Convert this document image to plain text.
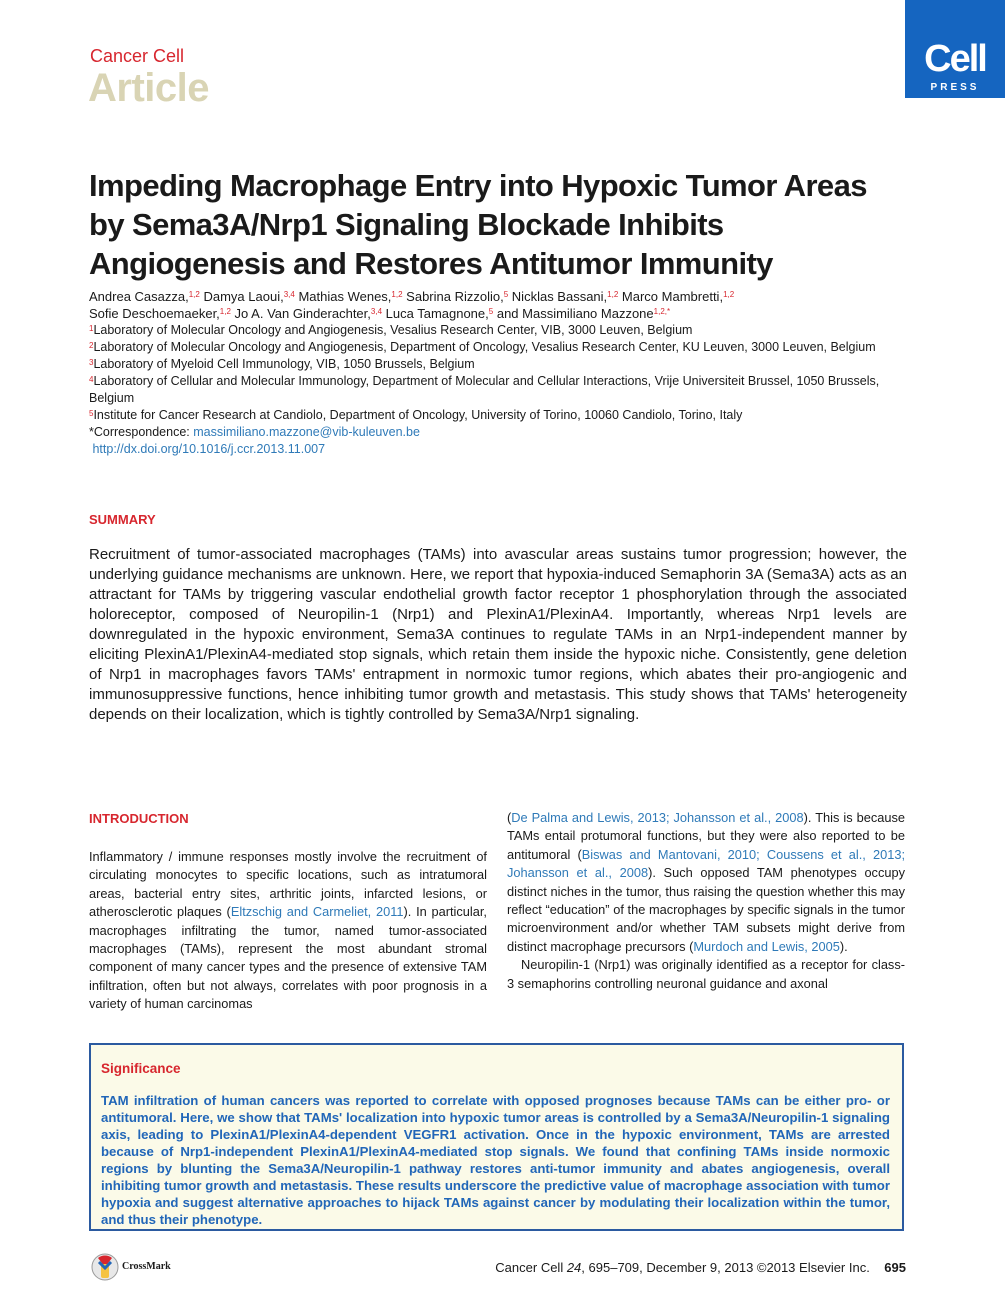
Cancer Cell
Article
Cell
PRESS
Impeding Macrophage Entry into Hypoxic Tumor Areas
by Sema3A/Nrp1 Signaling Blockade Inhibits
Angiogenesis and Restores Antitumor Immunity
Andrea Casazza,$^{1,2}$ Damya Laoui,$^{3,4}$ Mathias Wenes,$^{1,2}$ Sabrina Rizzolio,$^5$ Nicklas Bassani,$^{1,2}$ Marco Mambretti,$^{1,2}$
Sofie Deschoemaeker,$^{1,2}$ Jo A. Van Ginderachter,$^{3,4}$ Luca Tamagnone,$^5$ and Massimiliano Mazzone$^{1,2,*}$
$^1$Laboratory of Molecular Oncology and Angiogenesis, Vesalius Research Center, VIB, 3000 Leuven, Belgium
$^2$Laboratory of Molecular Oncology and Angiogenesis, Department of Oncology, Vesalius Research Center, KU Leuven, 3000 Leuven, Belgium
$^3$Laboratory of Myeloid Cell Immunology, VIB, 1050 Brussels, Belgium
$^4$Laboratory of Cellular and Molecular Immunology, Department of Molecular and Cellular Interactions, Vrije Universiteit Brussel, 1050 Brussels, Belgium
$^5$Institute for Cancer Research at Candiolo, Department of Oncology, University of Torino, 10060 Candiolo, Torino, Italy
*Correspondence: massimiliano.mazzone@vib-kuleuven.be
http://dx.doi.org/10.1016/j.ccr.2013.11.007
SUMMARY
Recruitment of tumor-associated macrophages (TAMs) into avascular areas sustains tumor progression; however, the underlying guidance mechanisms are unknown. Here, we report that hypoxia-induced Semaphorin 3A (Sema3A) acts as an attractant for TAMs by triggering vascular endothelial growth factor receptor 1 phosphorylation through the associated holoreceptor, composed of Neuropilin-1 (Nrp1) and PlexinA1/PlexinA4. Importantly, whereas Nrp1 levels are downregulated in the hypoxic environment, Sema3A continues to regulate TAMs in an Nrp1-independent manner by eliciting PlexinA1/PlexinA4-mediated stop signals, which retain them inside the hypoxic niche. Consistently, gene deletion of Nrp1 in macrophages favors TAMs' entrapment in normoxic tumor regions, which abates their pro-angiogenic and immunosuppressive functions, hence inhibiting tumor growth and metastasis. This study shows that TAMs' heterogeneity depends on their localization, which is tightly controlled by Sema3A/Nrp1 signaling.
INTRODUCTION

Inflammatory / immune responses mostly involve the recruitment of circulating monocytes to specific locations, such as intratumoral areas, bacterial entry sites, arthritic joints, infarcted lesions, or atherosclerotic plaques (Eltzschig and Carmeliet, 2011). In particular, macrophages infiltrating the tumor, named tumor-associated macrophages (TAMs), represent the most abundant stromal component of many cancer types and the presence of extensive TAM infiltration, often but not always, correlates with poor prognosis in a variety of human carcinomas

(De Palma and Lewis, 2013; Johansson et al., 2008). This is because TAMs entail protumoral functions, but they were also reported to be antitumoral (Biswas and Mantovani, 2010; Coussens et al., 2013; Johansson et al., 2008). Such opposed TAM phenotypes occupy distinct niches in the tumor, thus raising the question whether this may reflect “education” of the macrophages by specific signals in the tumor microenvironment and/or whether TAM subsets might derive from distinct macrophage precursors (Murdoch and Lewis, 2005).

Neuropilin-1 (Nrp1) was originally identified as a receptor for class-3 semaphorins controlling neuronal guidance and axonal

Significance
TAM infiltration of human cancers was reported to correlate with opposed prognoses because TAMs can be either pro- or antitumoral. Here, we show that TAMs' localization into hypoxic tumor areas is controlled by a Sema3A/Neuropilin-1 signaling axis, leading to PlexinA1/PlexinA4-dependent VEGFR1 activation. Once in the hypoxic environment, TAMs are arrested because of Nrp1-independent PlexinA1/PlexinA4-mediated stop signals. We found that confining TAMs inside normoxic regions by blunting the Sema3A/Neuropilin-1 pathway restores anti-tumor immunity and abates angiogenesis, overall inhibiting tumor growth and metastasis. These results underscore the predictive value of macrophage association with tumor hypoxia and suggest alternative approaches to hijack TAMs against cancer by modulating their localization within the tumor, and thus their phenotype.
CrossMark	Cancer Cell 24, 695–709, December 9, 2013 ©2013 Elsevier Inc. 695
